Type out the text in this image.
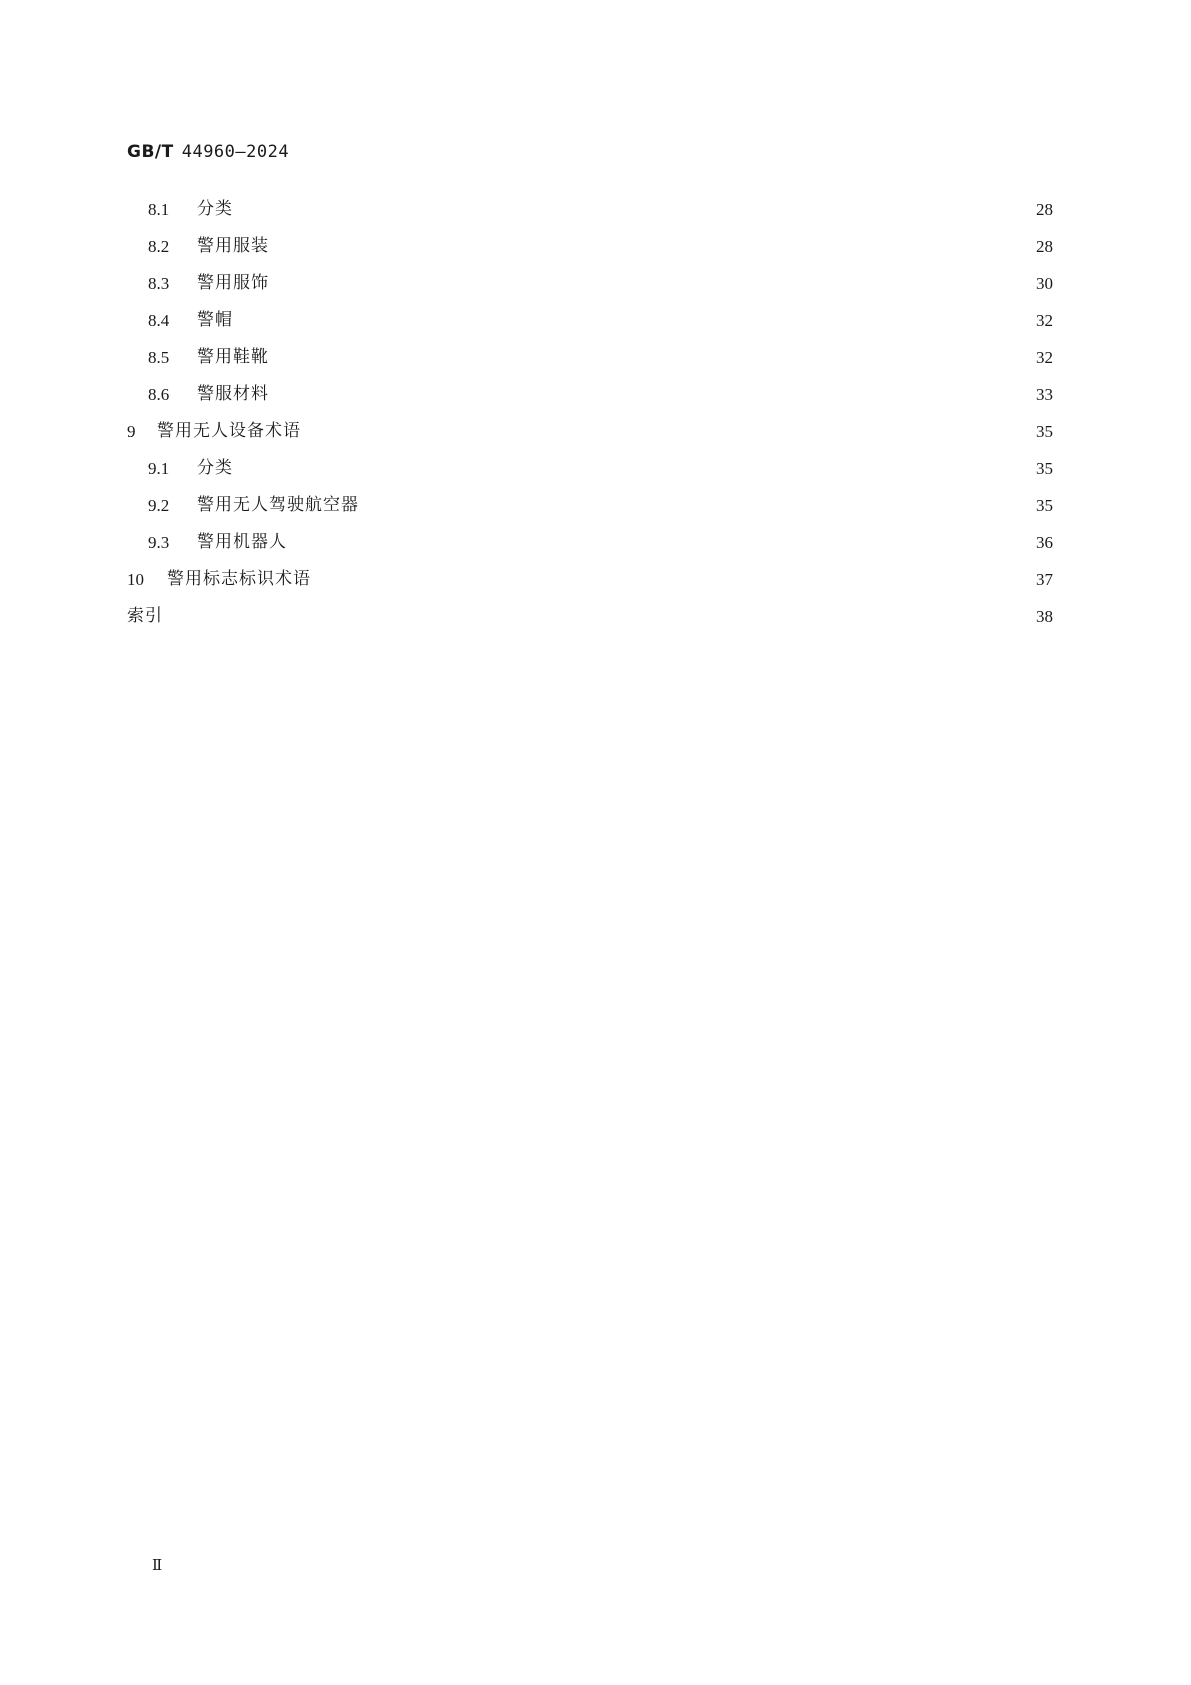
GB/T 44960—2024
8.1	分类	28
8.2	警用服装	28
8.3	警用服饰	30
8.4	警帽	32
8.5	警用鞋靴	32
8.6	警服材料	33
9	警用无人设备术语	35
9.1	分类	35
9.2	警用无人驾驶航空器	35
9.3	警用机器人	36
10	警用标志标识术语	37
索引	38
Ⅱ
